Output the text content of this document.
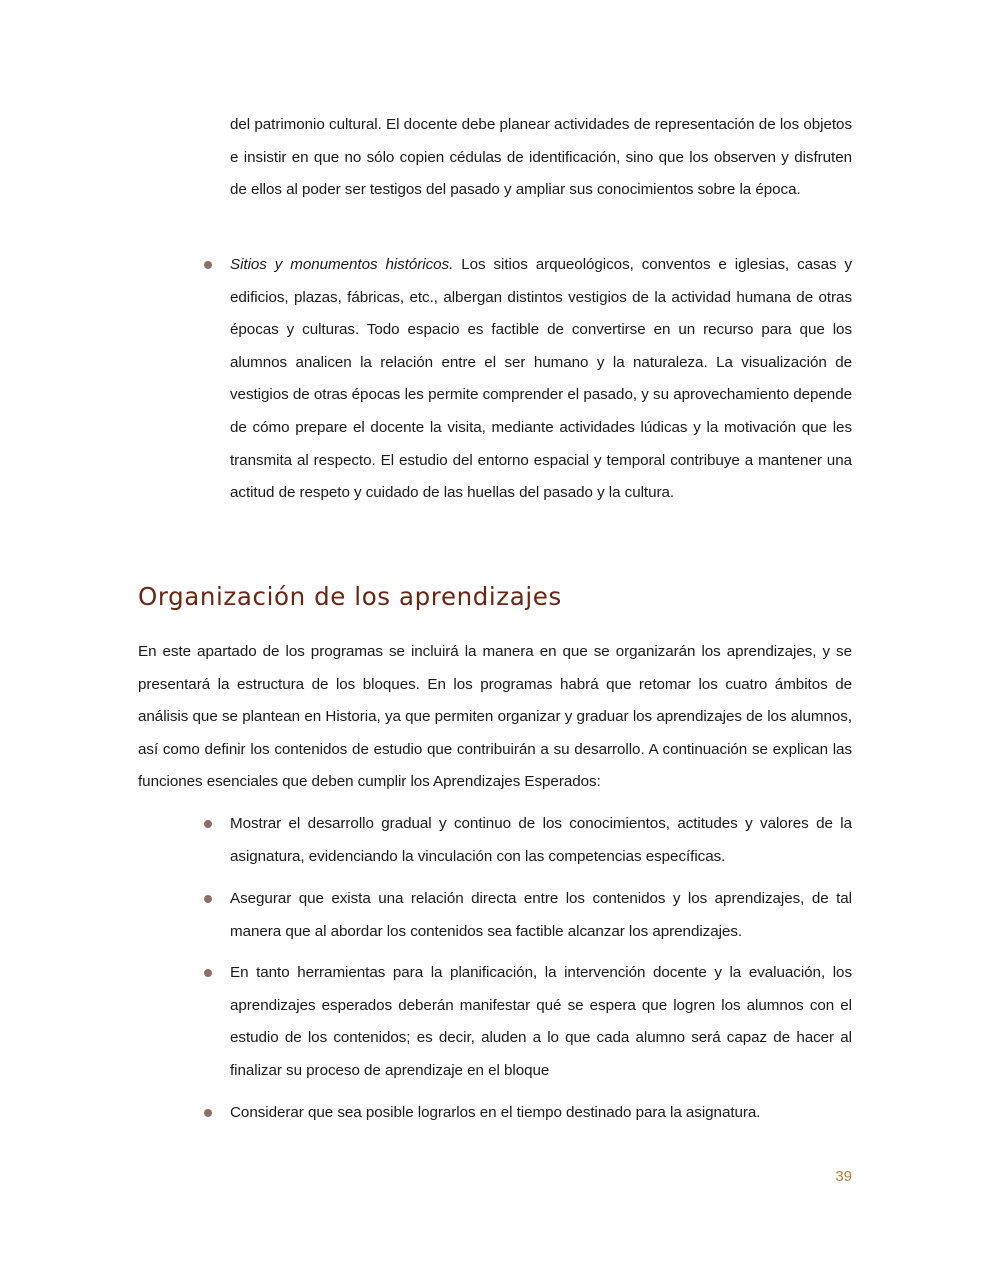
del patrimonio cultural. El docente debe planear actividades de representación de los objetos e insistir en que no sólo copien cédulas de identificación, sino que los observen y disfruten de ellos al poder ser testigos del pasado y ampliar sus conocimientos sobre la época.

Sitios y monumentos históricos. Los sitios arqueológicos, conventos e iglesias, casas y edificios, plazas, fábricas, etc., albergan distintos vestigios de la actividad humana de otras épocas y culturas. Todo espacio es factible de convertirse en un recurso para que los alumnos analicen la relación entre el ser humano y la naturaleza. La visualización de vestigios de otras épocas les permite comprender el pasado, y su aprovechamiento depende de cómo prepare el docente la visita, mediante actividades lúdicas y la motivación que les transmita al respecto. El estudio del entorno espacial y temporal contribuye a mantener una actitud de respeto y cuidado de las huellas del pasado y la cultura.
Organización de los aprendizajes

En este apartado de los programas se incluirá la manera en que se organizarán los aprendizajes, y se presentará la estructura de los bloques. En los programas habrá que retomar los cuatro ámbitos de análisis que se plantean en Historia, ya que permiten organizar y graduar los aprendizajes de los alumnos, así como definir los contenidos de estudio que contribuirán a su desarrollo. A continuación se explican las funciones esenciales que deben cumplir los Aprendizajes Esperados:

Mostrar el desarrollo gradual y continuo de los conocimientos, actitudes y valores de la asignatura, evidenciando la vinculación con las competencias específicas.
Asegurar que exista una relación directa entre los contenidos y los aprendizajes, de tal manera que al abordar los contenidos sea factible alcanzar los aprendizajes.
En tanto herramientas para la planificación, la intervención docente y la evaluación, los aprendizajes esperados deberán manifestar qué se espera que logren los alumnos con el estudio de los contenidos; es decir, aluden a lo que cada alumno será capaz de hacer al finalizar su proceso de aprendizaje en el bloque
Considerar que sea posible lograrlos en el tiempo destinado para la asignatura.
39
